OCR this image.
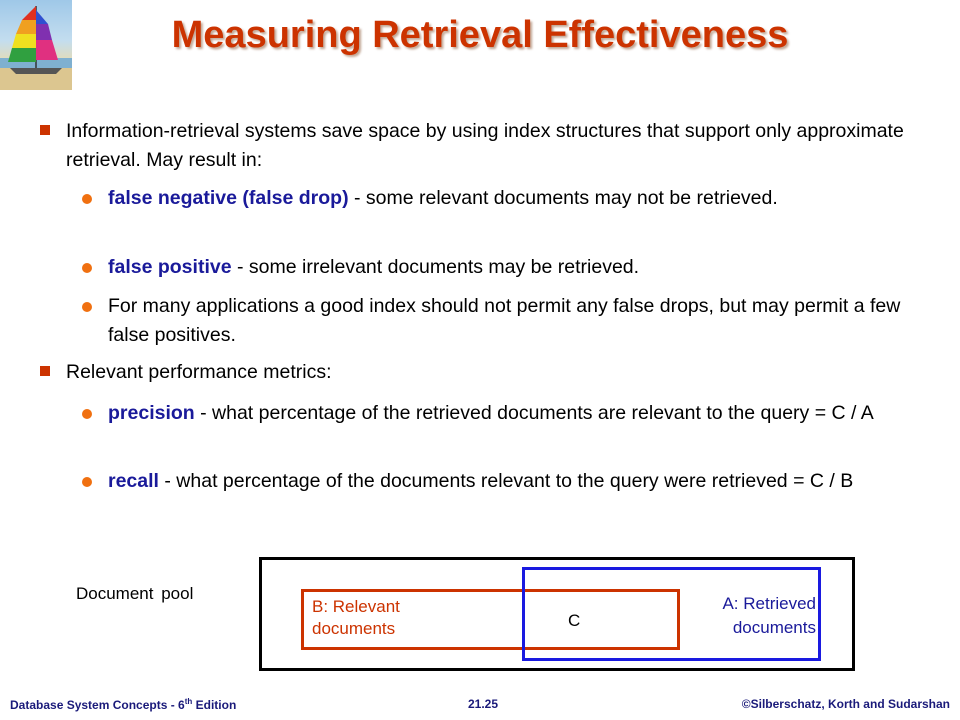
Measuring Retrieval Effectiveness
Information-retrieval systems save space by using index structures that support only approximate retrieval. May result in:
false negative (false drop) - some relevant documents may not be retrieved.
false positive - some irrelevant documents may be retrieved.
For many applications a good index should not permit any false drops, but may permit a few false positives.
Relevant performance metrics:
precision - what percentage of the retrieved documents are relevant to the query = C / A
recall - what percentage of the documents relevant to the query were retrieved = C / B
Document pool
B: Relevant
documents
A: Retrieved
documents
C
Database System Concepts - 6th Edition	21.25	©Silberschatz, Korth and Sudarshan
